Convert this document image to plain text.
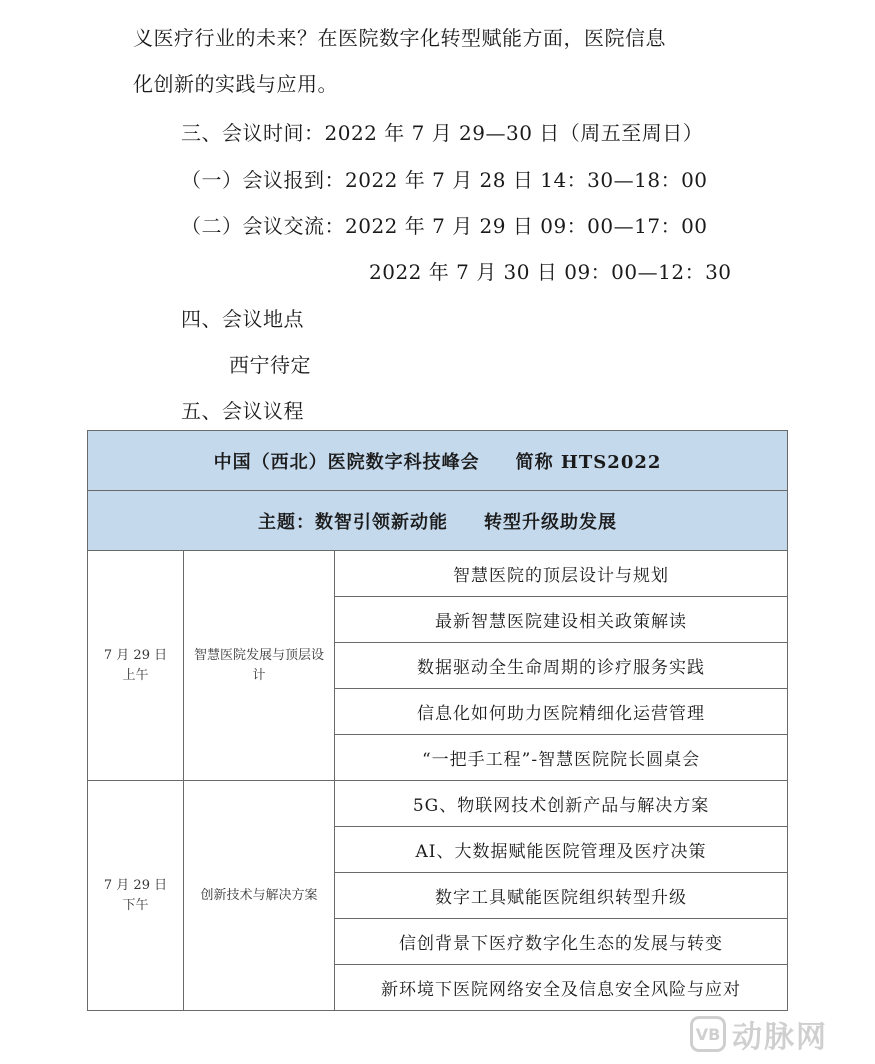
义医疗行业的未来？在医院数字化转型赋能方面，医院信息
化创新的实践与应用。
三、会议时间：2022 年 7 月 29—30 日（周五至周日）
（一）会议报到：2022 年 7 月 28 日 14：30—18：00
（二）会议交流：2022 年 7 月 29 日 09：00—17：00
2022 年 7 月 30 日 09：00—12：30
四、会议地点
西宁待定
五、会议议程
中国（西北）医院数字科技峰会 简称 HTS2022		
主题：数智引领新动能 转型升级助发展		

7 月 29 日
上午	智慧医院发展与顶层设计	智慧医院的顶层设计与规划
		最新智慧医院建设相关政策解读
		数据驱动全生命周期的诊疗服务实践
		信息化如何助力医院精细化运营管理
		“一把手工程”-智慧医院院长圆桌会

7 月 29 日
下午	创新技术与解决方案	5G、物联网技术创新产品与解决方案
		AI、大数据赋能医院管理及医疗决策
		数字工具赋能医院组织转型升级
		信创背景下医疗数字化生态的发展与转变
		新环境下医院网络安全及信息安全风险与应对
VB 动脉网
